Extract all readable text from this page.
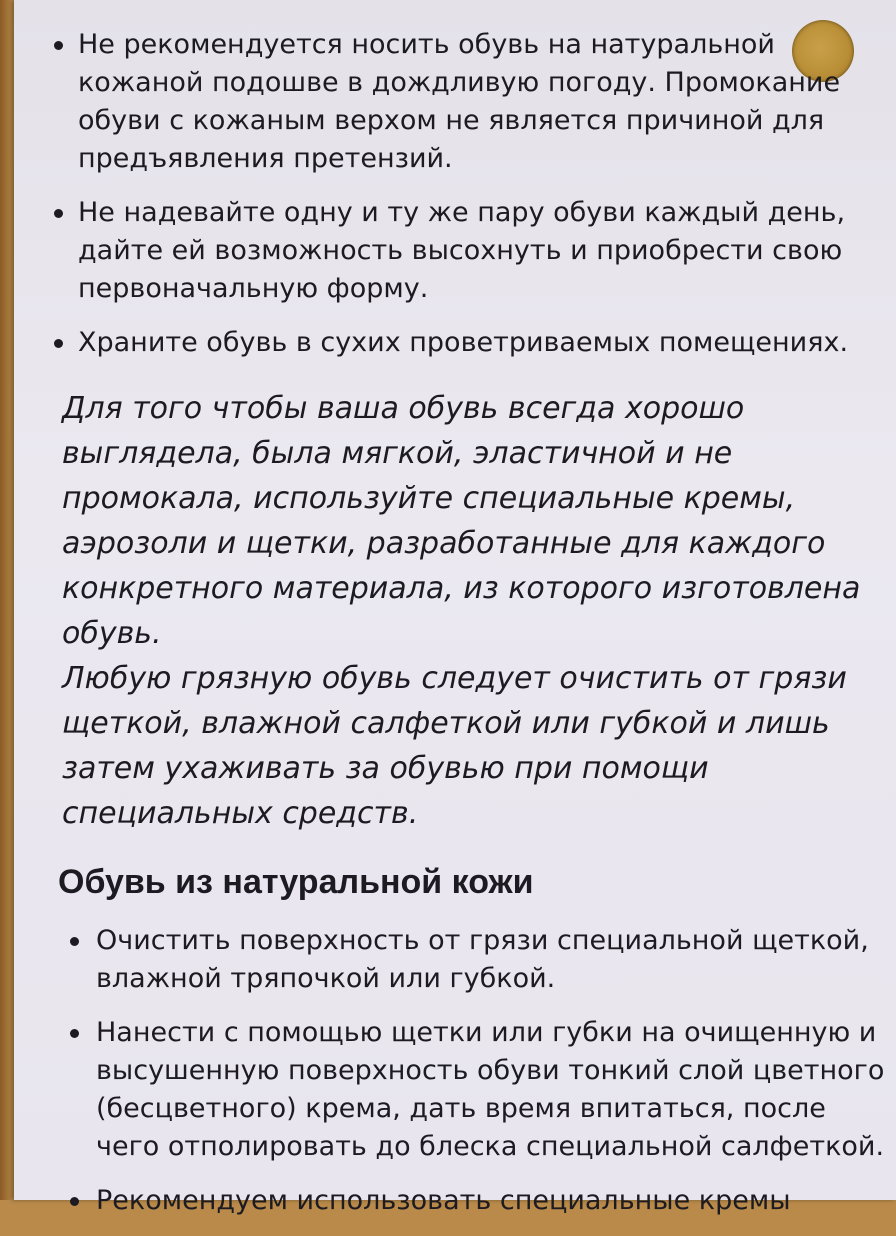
Не рекомендуется носить обувь на натуральной кожаной подошве в дождливую погоду. Промокание обуви с кожаным верхом не является причиной для предъявления претензий.
Не надевайте одну и ту же пару обуви каждый день, дайте ей возможность высохнуть и приобрести свою первоначальную форму.
Храните обувь в сухих проветриваемых помещениях.

Для того чтобы ваша обувь всегда хорошо выглядела, была мягкой, эластичной и не промокала, используйте специальные кремы, аэрозоли и щетки, разработанные для каждого конкретного материала, из которого изготовлена обувь.

Любую грязную обувь следует очистить от грязи щеткой, влажной салфеткой или губкой и лишь затем ухаживать за обувью при помощи специальных средств.

Обувь из натуральной кожи
Очистить поверхность от грязи специальной щеткой, влажной тряпочкой или губкой.
Нанести с помощью щетки или губки на очищенную и высушенную поверхность обуви тонкий слой цветного (бесцветного) крема, дать время впитаться, после чего отполировать до блеска специальной салфеткой.
Рекомендуем использовать специальные кремы
